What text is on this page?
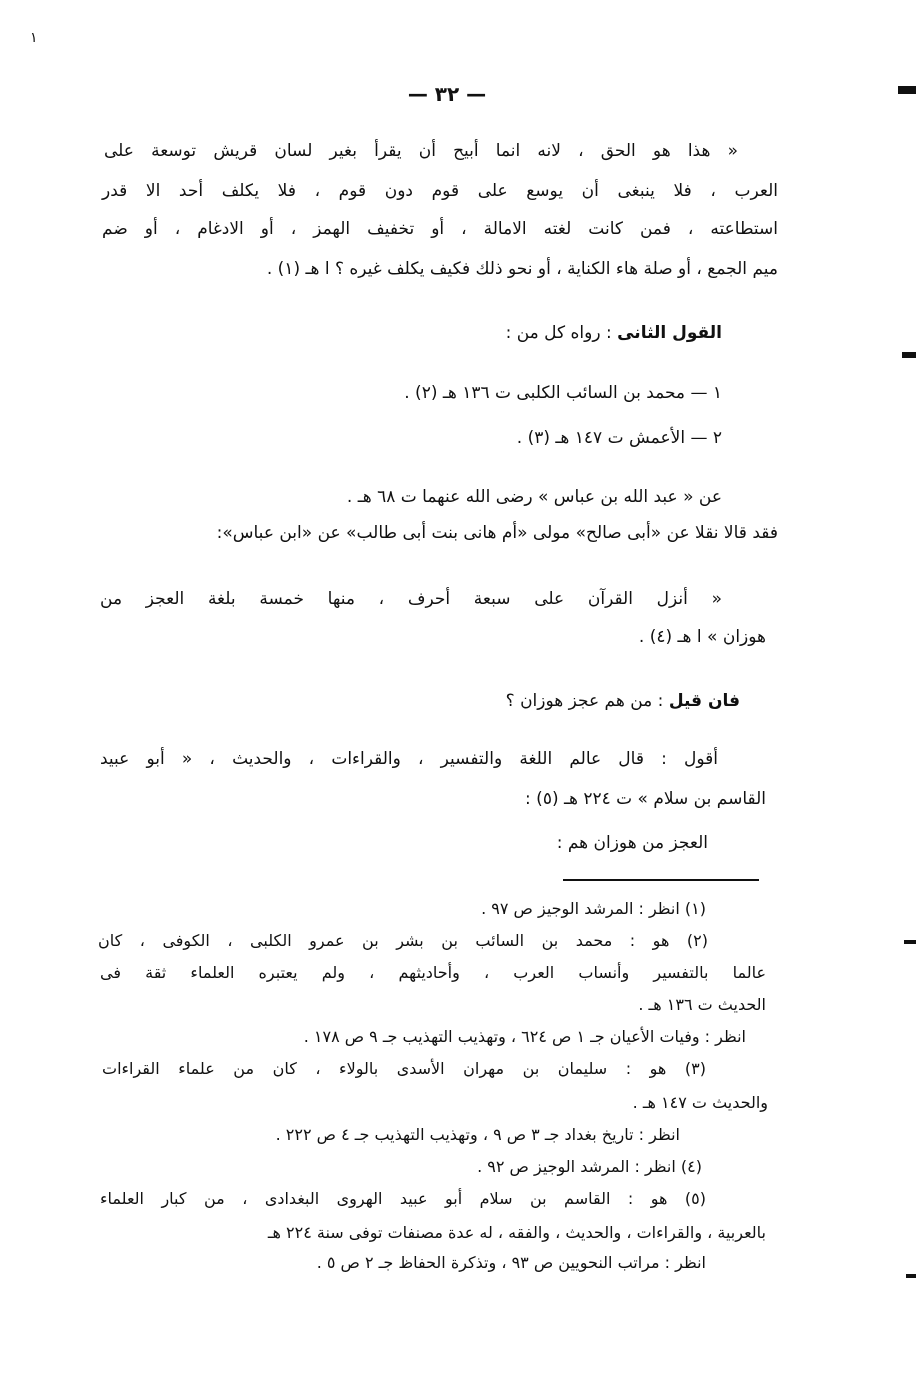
١
— ٣٢ —
« هذا هو الحق ، لانه انما أبيح أن يقرأ بغير لسان قريش توسعة على
العرب ، فلا ينبغى أن يوسع على قوم دون قوم ، فلا يكلف أحد الا قدر
استطاعته ، فمن كانت لغته الامالة ، أو تخفيف الهمز ، أو الادغام ، أو ضم
ميم الجمع ، أو صلة هاء الكناية ، أو نحو ذلك فكيف يكلف غيره ؟ ا هـ (١) .
القول الثانى : رواه كل من :
١ — محمد بن السائب الكلبى ت ١٣٦ هـ (٢) .
٢ — الأعمش ت ١٤٧ هـ (٣) .
عن « عبد الله بن عباس » رضى الله عنهما ت ٦٨ هـ .
فقد قالا نقلا عن «أبى صالح» مولى «أم هانى بنت أبى طالب» عن «ابن عباس»:
« أنزل القرآن على سبعة أحرف ، منها خمسة بلغة العجز من
هوزان » ا هـ (٤) .
فان قيل : من هم عجز هوزان ؟
أقول : قال عالم اللغة والتفسير ، والقراءات ، والحديث ، « أبو عبيد
القاسم بن سلام » ت ٢٢٤ هـ (٥) :
العجز من هوزان هم :
(١) انظر : المرشد الوجيز ص ٩٧ .
(٢) هو : محمد بن السائب بن بشر بن عمرو الكلبى ، الكوفى ، كان
عالما بالتفسير وأنساب العرب ، وأحاديثهم ، ولم يعتبره العلماء ثقة فى
الحديث ت ١٣٦ هـ .
انظر : وفيات الأعيان جـ ١ ص ٦٢٤ ، وتهذيب التهذيب جـ ٩ ص ١٧٨ .
(٣) هو : سليمان بن مهران الأسدى بالولاء ، كان من علماء القراءات
والحديث ت ١٤٧ هـ .
انظر : تاريخ بغداد جـ ٣ ص ٩ ، وتهذيب التهذيب جـ ٤ ص ٢٢٢ .
(٤) انظر : المرشد الوجيز ص ٩٢ .
(٥) هو : القاسم بن سلام أبو عبيد الهروى البغدادى ، من كبار العلماء
بالعربية ، والقراءات ، والحديث ، والفقه ، له عدة مصنفات توفى سنة ٢٢٤ هـ
انظر : مراتب النحويين ص ٩٣ ، وتذكرة الحفاظ جـ ٢ ص ٥ .
